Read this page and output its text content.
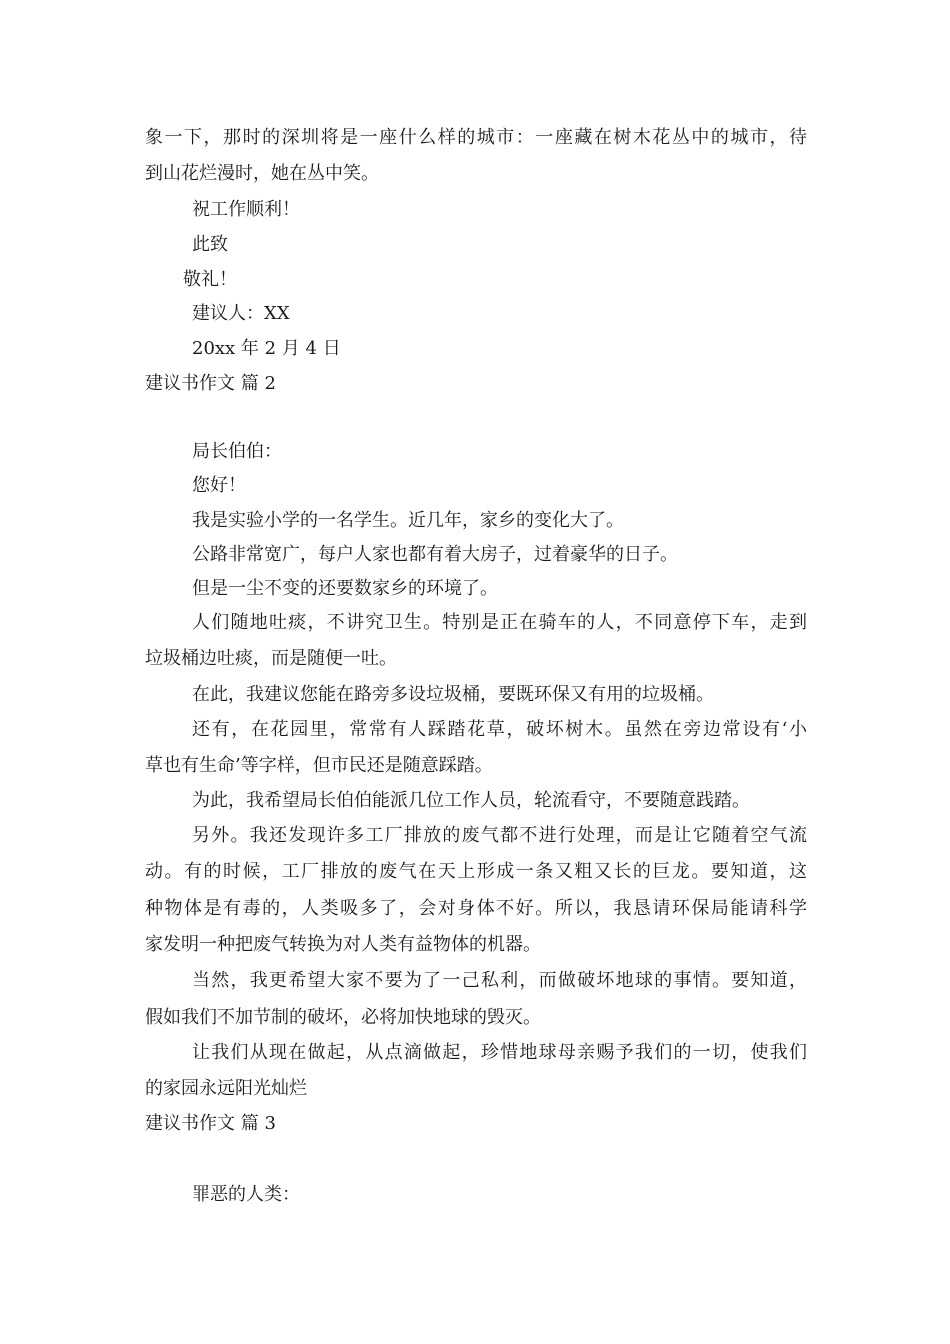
象一下，那时的深圳将是一座什么样的城市：一座藏在树木花丛中的城市，待
到山花烂漫时，她在丛中笑。
祝工作顺利！
此致
敬礼！
建议人：XX
20xx 年 2 月 4 日
建议书作文 篇 2
局长伯伯：
您好！
我是实验小学的一名学生。近几年，家乡的变化大了。
公路非常宽广，每户人家也都有着大房子，过着豪华的日子。
但是一尘不变的还要数家乡的环境了。
人们随地吐痰，不讲究卫生。特别是正在骑车的人，不同意停下车，走到
垃圾桶边吐痰，而是随便一吐。
在此，我建议您能在路旁多设垃圾桶，要既环保又有用的垃圾桶。
还有，在花园里，常常有人踩踏花草，破坏树木。虽然在旁边常设有‘小
草也有生命’等字样，但市民还是随意踩踏。
为此，我希望局长伯伯能派几位工作人员，轮流看守，不要随意践踏。
另外。我还发现许多工厂排放的废气都不进行处理，而是让它随着空气流
动。有的时候，工厂排放的废气在天上形成一条又粗又长的巨龙。要知道，这
种物体是有毒的，人类吸多了，会对身体不好。所以，我恳请环保局能请科学
家发明一种把废气转换为对人类有益物体的机器。
当然，我更希望大家不要为了一己私利，而做破坏地球的事情。要知道，
假如我们不加节制的破坏，必将加快地球的毁灭。
让我们从现在做起，从点滴做起，珍惜地球母亲赐予我们的一切，使我们
的家园永远阳光灿烂
建议书作文 篇 3
罪恶的人类：
